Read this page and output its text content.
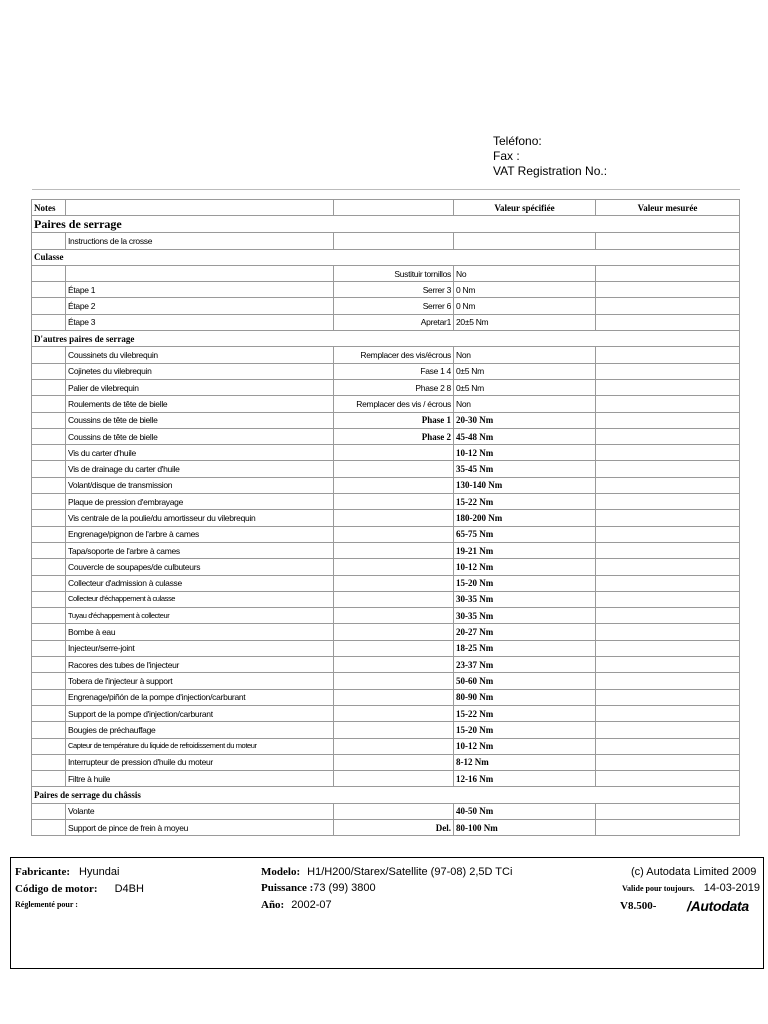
Teléfono:
Fax :
VAT Registration No.:
Notes			Valeur spécifiée	Valeur mesurée
Paires de serrage				
	Instructions de la crosse			
Culasse				
		Sustituir tornillos	No	
	Étape 1	Serrer 3	0 Nm	
	Étape 2	Serrer 6	0 Nm	
	Étape 3	Apretar1	20±5 Nm	
D'autres paires de serrage				
	Coussinets du vilebrequin	Remplacer des vis/écrous	Non	
	Cojinetes du vilebrequin	Fase 1 4	0±5 Nm	
	Palier de vilebrequin	Phase 2 8	0±5 Nm	
	Roulements de tête de bielle	Remplacer des vis / écrous	Non	
	Coussins de tête de bielle	Phase 1	20-30 Nm	
	Coussins de tête de bielle	Phase 2	45-48 Nm	
	Vis du carter d'huile		10-12 Nm	
	Vis de drainage du carter d'huile		35-45 Nm	
	Volant/disque de transmission		130-140 Nm	
	Plaque de pression d'embrayage		15-22 Nm	
	Vis centrale de la poulie/du amortisseur du vilebrequin		180-200 Nm	
	Engrenage/pignon de l'arbre à cames		65-75 Nm	
	Tapa/soporte de l'arbre à cames		19-21 Nm	
	Couvercle de soupapes/de culbuteurs		10-12 Nm	
	Collecteur d'admission à culasse		15-20 Nm	
	Collecteur d'échappement à culasse		30-35 Nm	
	Tuyau d'échappement à collecteur		30-35 Nm	
	Bombe à eau		20-27 Nm	
	Injecteur/serre-joint		18-25 Nm	
	Racores des tubes de l'injecteur		23-37 Nm	
	Tobera de l'injecteur à support		50-60 Nm	
	Engrenage/piñón de la pompe d'injection/carburant		80-90 Nm	
	Support de la pompe d'injection/carburant		15-22 Nm	
	Bougies de préchauffage		15-20 Nm	
	Capteur de température du liquide de refroidissement du moteur		10-12 Nm	
	Interrupteur de pression d'huile du moteur		8-12 Nm	
	Filtre à huile		12-16 Nm	
Paires de serrage du châssis				
	Volante		40-50 Nm	
	Support de pince de frein à moyeu	Del.	80-100 Nm	
Fabricante: Hyundai
Código de motor: D4BH
Réglementé pour :
Modelo: H1/H200/Starex/Satellite (97-08) 2,5D TCi
Puissance :73 (99) 3800
Año: 2002-07
(c) Autodata Limited 2009
Valide pour toujours. 14-03-2019
V8.500- /Autodata
